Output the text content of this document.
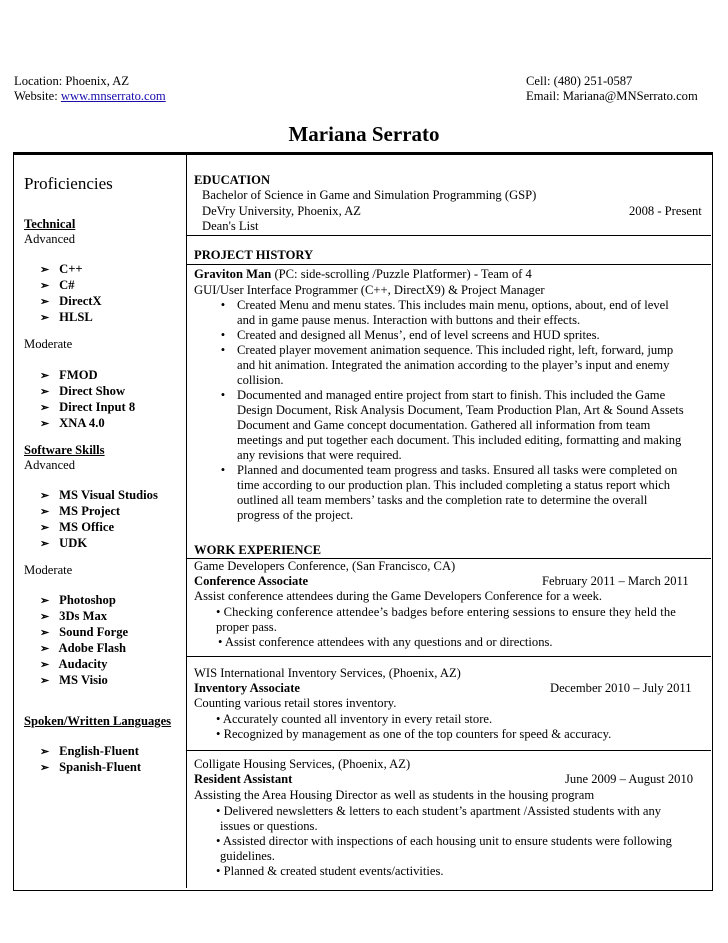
Location: Phoenix, AZ
Website: www.mnserrato.com
Cell: (480) 251-0587
Email: Mariana@MNSerrato.com
Mariana Serrato
Proficiencies
Technical
Advanced
➢ C++
➢ C#
➢ DirectX
➢ HLSL
Moderate
➢ FMOD
➢ Direct Show
➢ Direct Input 8
➢ XNA 4.0
Software Skills
Advanced
➢ MS Visual Studios
➢ MS Project
➢ MS Office
➢ UDK
Moderate
➢ Photoshop
➢ 3Ds Max
➢ Sound Forge
➢ Adobe Flash
➢ Audacity
➢ MS Visio
Spoken/Written Languages
➢ English-Fluent
➢ Spanish-Fluent
EDUCATION
Bachelor of Science in Game and Simulation Programming (GSP)
DeVry University, Phoenix, AZ	2008 - Present
Dean's List
PROJECT HISTORY
Graviton Man (PC: side-scrolling /Puzzle Platformer) - Team of 4
GUI/User Interface Programmer (C++, DirectX9) & Project Manager
• Created Menu and menu states. This includes main menu, options, about, end of level
and in game pause menus. Interaction with buttons and their effects.
• Created and designed all Menus’, end of level screens and HUD sprites.
• Created player movement animation sequence. This included right, left, forward, jump
and hit animation. Integrated the animation according to the player’s input and enemy
collision.
• Documented and managed entire project from start to finish. This included the Game
Design Document, Risk Analysis Document, Team Production Plan, Art & Sound Assets
Document and Game concept documentation. Gathered all information from team
meetings and put together each document. This included editing, formatting and making
any revisions that were required.
• Planned and documented team progress and tasks. Ensured all tasks were completed on
time according to our production plan. This included completing a status report which
outlined all team members’ tasks and the completion rate to determine the overall
progress of the project.
WORK EXPERIENCE
Game Developers Conference, (San Francisco, CA)
Conference Associate	February 2011 – March 2011
Assist conference attendees during the Game Developers Conference for a week.
• Checking conference attendee’s badges before entering sessions to ensure they held the
proper pass.
• Assist conference attendees with any questions and or directions.
WIS International Inventory Services, (Phoenix, AZ)
Inventory Associate	December 2010 – July 2011
Counting various retail stores inventory.
• Accurately counted all inventory in every retail store.
• Recognized by management as one of the top counters for speed & accuracy.
Colligate Housing Services, (Phoenix, AZ)
Resident Assistant	June 2009 – August 2010
Assisting the Area Housing Director as well as students in the housing program
• Delivered newsletters & letters to each student’s apartment /Assisted students with any
issues or questions.
• Assisted director with inspections of each housing unit to ensure students were following
guidelines.
• Planned & created student events/activities.
